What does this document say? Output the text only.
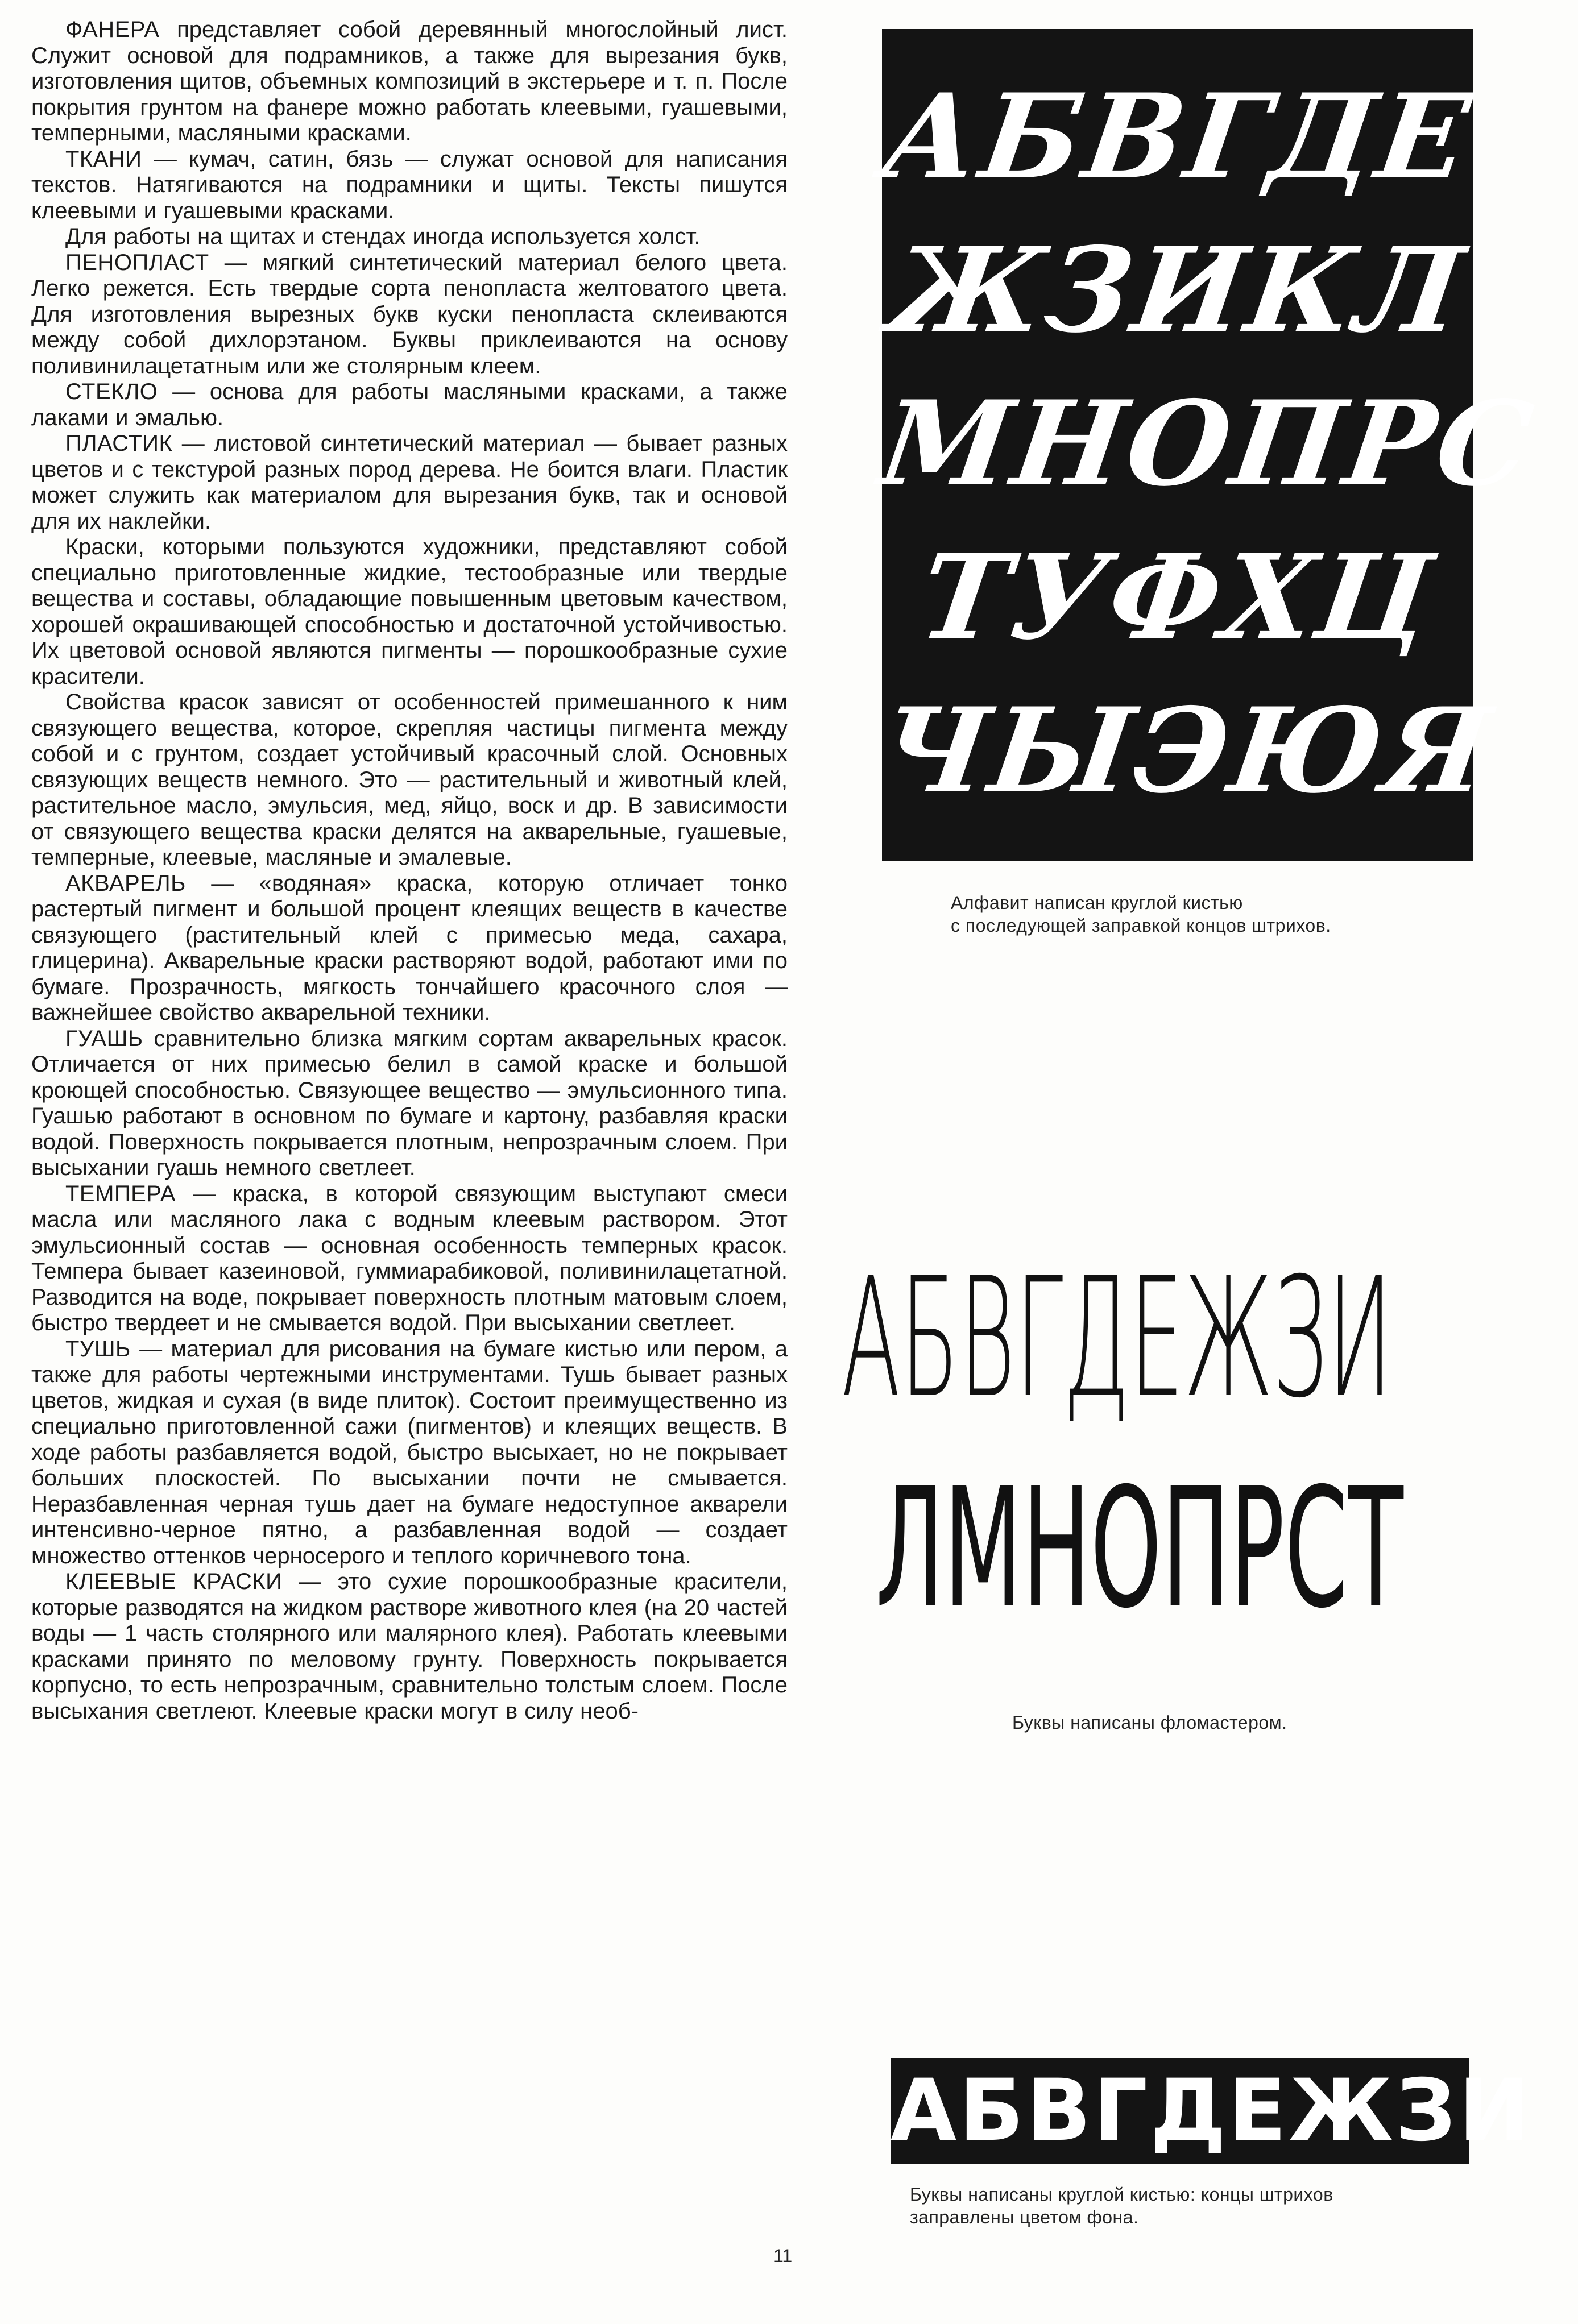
ФАНЕРА представляет собой деревянный многослойный лист. Служит основой для подрамников, а также для вырезания букв, изготовления щитов, объемных композиций в экстерьере и т. п. После покрытия грунтом на фанере можно работать клеевыми, гуашевыми, темперными, масляными красками.

ТКАНИ — кумач, сатин, бязь — служат основой для написания текстов. Натягиваются на подрамники и щиты. Тексты пишутся клеевыми и гуашевыми красками.

Для работы на щитах и стендах иногда используется холст.

ПЕНОПЛАСТ — мягкий синтетический материал белого цвета. Легко режется. Есть твердые сорта пенопласта желтоватого цвета. Для изготовления вырезных букв куски пенопласта склеиваются между собой дихлорэтаном. Буквы приклеиваются на основу поливинилацетатным или же столярным клеем.

СТЕКЛО — основа для работы масляными красками, а также лаками и эмалью.

ПЛАСТИК — листовой синтетический материал — бывает разных цветов и с текстурой разных пород дерева. Не боится влаги. Пластик может служить как материалом для вырезания букв, так и основой для их наклейки.

Краски, которыми пользуются художники, представляют собой специально приготовленные жидкие, тестообразные или твердые вещества и составы, обладающие повышенным цветовым качеством, хорошей окрашивающей способностью и достаточной устойчивостью. Их цветовой основой являются пигменты — порошкообразные сухие красители.

Свойства красок зависят от особенностей примешанного к ним связующего вещества, которое, скрепляя частицы пигмента между собой и с грунтом, создает устойчивый красочный слой. Основных связующих веществ немного. Это — растительный и животный клей, растительное масло, эмульсия, мед, яйцо, воск и др. В зависимости от связующего вещества краски делятся на акварельные, гуашевые, темперные, клеевые, масляные и эмалевые.

АКВАРЕЛЬ — «водяная» краска, которую отличает тонко растертый пигмент и большой процент клеящих веществ в качестве связующего (растительный клей с примесью меда, сахара, глицерина). Акварельные краски растворяют водой, работают ими по бумаге. Прозрачность, мягкость тончайшего красочного слоя — важнейшее свойство акварельной техники.

ГУАШЬ сравнительно близка мягким сортам акварельных красок. Отличается от них примесью белил в самой краске и большой кроющей способностью. Связующее вещество — эмульсионного типа. Гуашью работают в основном по бумаге и картону, разбавляя краски водой. Поверхность покрывается плотным, непрозрачным слоем. При высыхании гуашь немного светлеет.

ТЕМПЕРА — краска, в которой связующим выступают смеси масла или масляного лака с водным клеевым раствором. Этот эмульсионный состав — основная особенность темперных красок. Темпера бывает казеиновой, гуммиарабиковой, поливинилацетатной. Разводится на воде, покрывает поверхность плотным матовым слоем, быстро твердеет и не смывается водой. При высыхании светлеет.

ТУШЬ — материал для рисования на бумаге кистью или пером, а также для работы чертежными инструментами. Тушь бывает разных цветов, жидкая и сухая (в виде плиток). Состоит преимущественно из специально приготовленной сажи (пигментов) и клеящих веществ. В ходе работы разбавляется водой, быстро высыхает, но не покрывает больших плоскостей. По высыхании почти не смывается. Неразбавленная черная тушь дает на бумаге недоступное акварели интенсивно-черное пятно, а разбавленная водой — создает множество оттенков черносерого и теплого коричневого тона.

КЛЕЕВЫЕ КРАСКИ — это сухие порошкообразные красители, которые разводятся на жидком растворе животного клея (на 20 частей воды — 1 часть столярного или малярного клея). Работать клеевыми красками принято по меловому грунту. Поверхность покрывается корпусно, то есть непрозрачным, сравнительно толстым слоем. После высыхания светлеют. Клеевые краски могут в силу необ-

АБВГДЕ
ЖЗИКЛ
МНОПРС
ТУФХЦ
ЧЫЭЮЯ
Алфавит написан круглой кистью
с последующей заправкой концов штрихов.
АБВГДЕЖЗИ
ЛМНОПРСТ
Буквы написаны фломастером.
АБВГДЕЖЗИ
Буквы написаны круглой кистью: концы штрихов
заправлены цветом фона.
11
